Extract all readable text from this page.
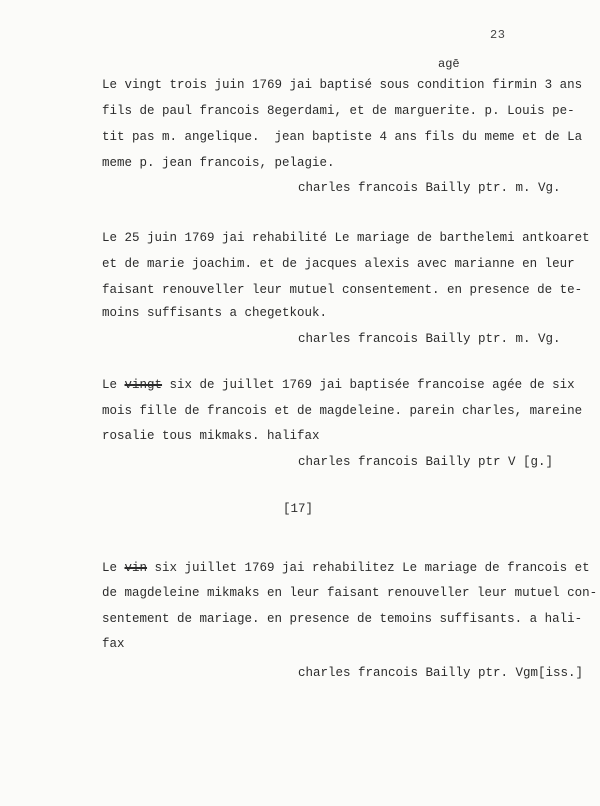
23
agē
Le vingt trois juin 1769 jai baptisé sous condition firmin 3 ans
fils de paul francois 8egerdami, et de marguerite. p. Louis pe-
tit pas m. angelique.  jean baptiste 4 ans fils du meme et de La
meme p. jean francois, pelagie.
charles francois Bailly ptr. m. Vg.
Le 25 juin 1769 jai rehabilité Le mariage de barthelemi antkoaret
et de marie joachim. et de jacques alexis avec marianne en leur
faisant renouveller leur mutuel consentement. en presence de te-
moins suffisants a chegetkouk.
charles francois Bailly ptr. m. Vg.
Le vingt six de juillet 1769 jai baptisée francoise agée de six
mois fille de francois et de magdeleine. parein charles, mareine
rosalie tous mikmaks. halifax
charles francois Bailly ptr V [g.]
[17]
Le vin six juillet 1769 jai rehabilitez Le mariage de francois et
de magdeleine mikmaks en leur faisant renouveller leur mutuel con-
sentement de mariage. en presence de temoins suffisants. a hali-
fax
charles francois Bailly ptr. Vgm[iss.]
